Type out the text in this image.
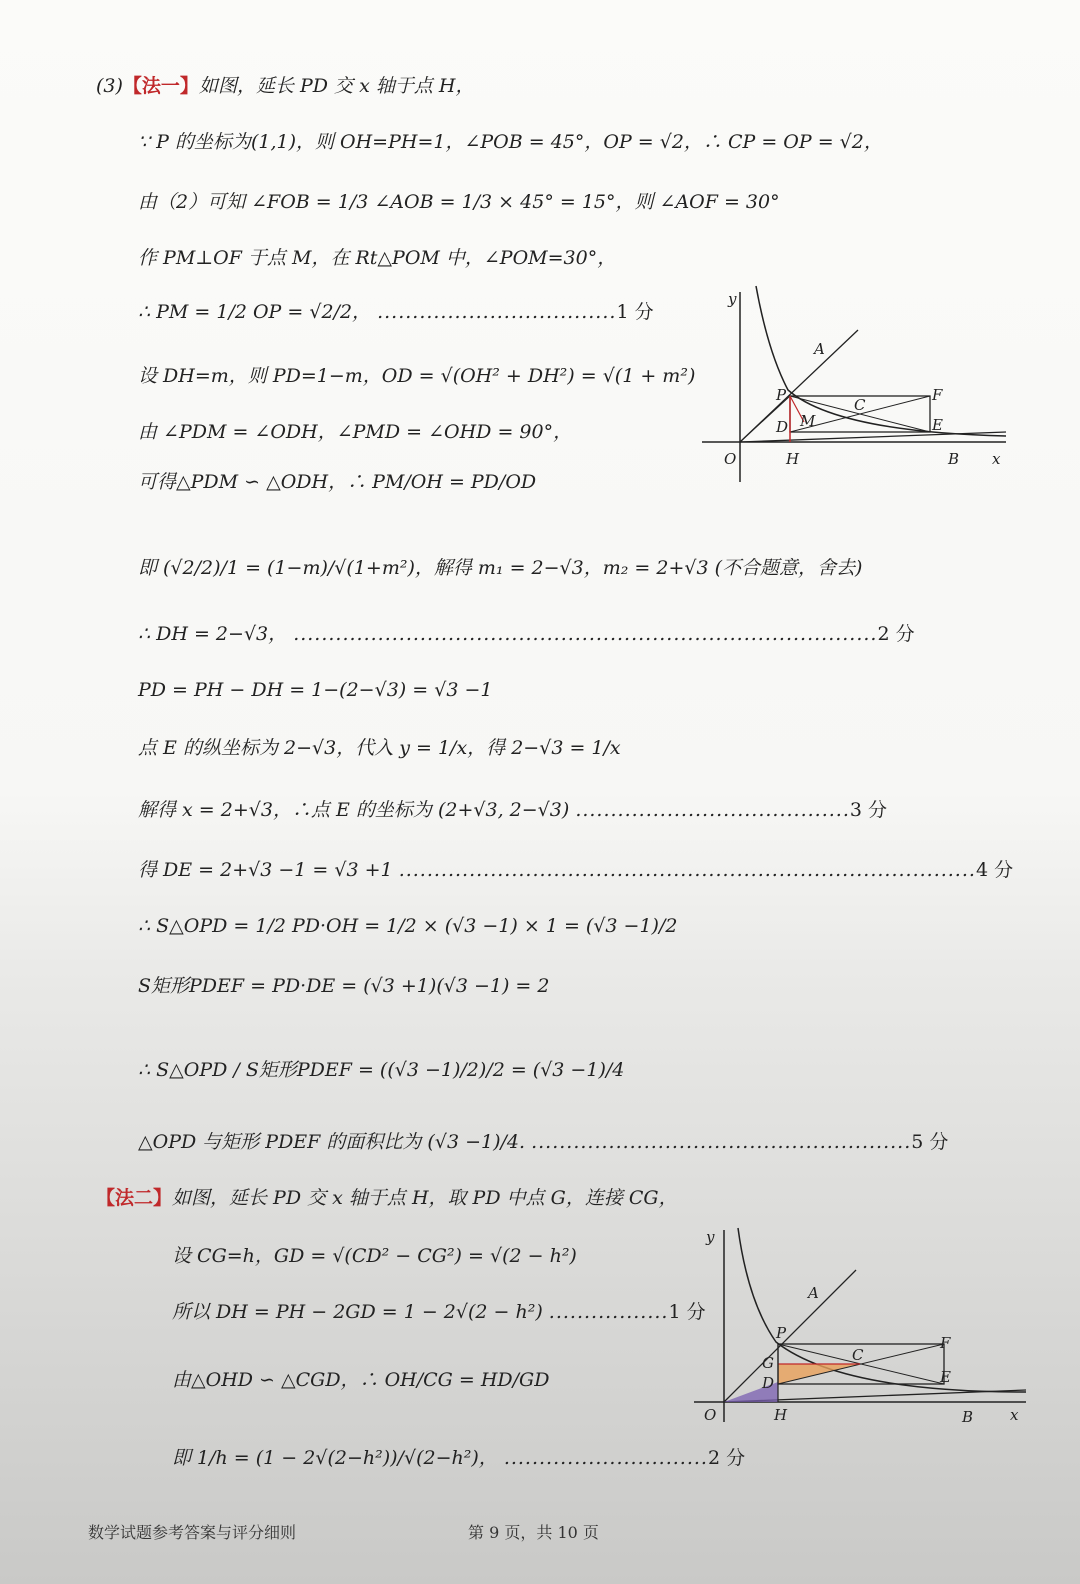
(3)【法一】如图，延长 PD 交 x 轴于点 H，
∵ P 的坐标为(1,1)，则 OH=PH=1，∠POB = 45°，OP = √2，∴ CP = OP = √2，
由（2）可知 ∠FOB = 1/3 ∠AOB = 1/3 × 45° = 15°，则 ∠AOF = 30°
作 PM⊥OF 于点 M，在 Rt△POM 中，∠POM=30°，
∴ PM = 1/2 OP = √2/2， ..................................1 分
设 DH=m，则 PD=1−m，OD = √(OH² + DH²) = √(1 + m²)
由 ∠PDM = ∠ODH，∠PMD = ∠OHD = 90°，
可得△PDM ∽ △ODH，∴ PM/OH = PD/OD
即 (√2/2)/1 = (1−m)/√(1+m²)，解得 m₁ = 2−√3，m₂ = 2+√3 (不合题意，舍去)
∴ DH = 2−√3， ...................................................................................2 分
PD = PH − DH = 1−(2−√3) = √3 −1
点 E 的纵坐标为 2−√3，代入 y = 1/x，得 2−√3 = 1/x
解得 x = 2+√3，∴点 E 的坐标为 (2+√3, 2−√3) .......................................3 分
得 DE = 2+√3 −1 = √3 +1 ..................................................................................4 分
∴ S△OPD = 1/2 PD·OH = 1/2 × (√3 −1) × 1 = (√3 −1)/2
S矩形PDEF = PD·DE = (√3 +1)(√3 −1) = 2
∴ S△OPD / S矩形PDEF = ((√3 −1)/2)/2 = (√3 −1)/4
△OPD 与矩形 PDEF 的面积比为 (√3 −1)/4. ......................................................5 分
【法二】如图，延长 PD 交 x 轴于点 H，取 PD 中点 G，连接 CG，
设 CG=h，GD = √(CD² − CG²) = √(2 − h²)
所以 DH = PH − 2GD = 1 − 2√(2 − h²) .................1 分
由△OHD ∽ △CGD，∴ OH/CG = HD/GD
即 1/h = (1 − 2√(2−h²))/√(2−h²)， .............................2 分
y
A
P
C
F
D M	E
O	H	B x
y
A
P
G	C
F
D	E
O	H	B x
数学试题参考答案与评分细则	第 9 页，共 10 页
